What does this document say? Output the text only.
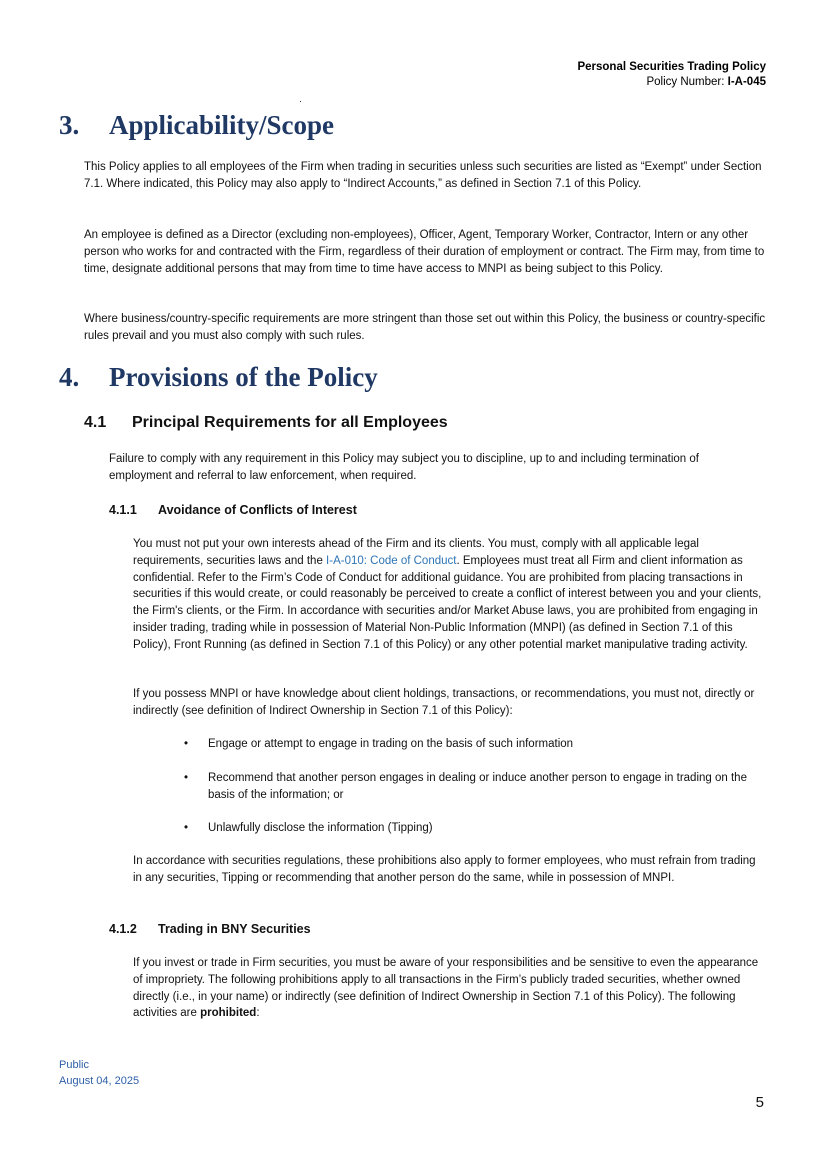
Personal Securities Trading Policy
Policy Number: I-A-045
3. Applicability/Scope

This Policy applies to all employees of the Firm when trading in securities unless such securities are listed as “Exempt” under Section 7.1. Where indicated, this Policy may also apply to “Indirect Accounts,” as defined in Section 7.1 of this Policy.

An employee is defined as a Director (excluding non-employees), Officer, Agent, Temporary Worker, Contractor, Intern or any other person who works for and contracted with the Firm, regardless of their duration of employment or contract. The Firm may, from time to time, designate additional persons that may from time to time have access to MNPI as being subject to this Policy.

Where business/country-specific requirements are more stringent than those set out within this Policy, the business or country-specific rules prevail and you must also comply with such rules.

4. Provisions of the Policy
4.1 Principal Requirements for all Employees

Failure to comply with any requirement in this Policy may subject you to discipline, up to and including termination of employment and referral to law enforcement, when required.

4.1.1 Avoidance of Conflicts of Interest

You must not put your own interests ahead of the Firm and its clients. You must, comply with all applicable legal requirements, securities laws and the I-A-010: Code of Conduct. Employees must treat all Firm and client information as confidential. Refer to the Firm’s Code of Conduct for additional guidance. You are prohibited from placing transactions in securities if this would create, or could reasonably be perceived to create a conflict of interest between you and your clients, the Firm's clients, or the Firm. In accordance with securities and/or Market Abuse laws, you are prohibited from engaging in insider trading, trading while in possession of Material Non-Public Information (MNPI) (as defined in Section 7.1 of this Policy), Front Running (as defined in Section 7.1 of this Policy) or any other potential market manipulative trading activity.

If you possess MNPI or have knowledge about client holdings, transactions, or recommendations, you must not, directly or indirectly (see definition of Indirect Ownership in Section 7.1 of this Policy):

• Engage or attempt to engage in trading on the basis of such information
• Recommend that another person engages in dealing or induce another person to engage in trading on the basis of the information; or
• Unlawfully disclose the information (Tipping)

In accordance with securities regulations, these prohibitions also apply to former employees, who must refrain from trading in any securities, Tipping or recommending that another person do the same, while in possession of MNPI.

4.1.2 Trading in BNY Securities

If you invest or trade in Firm securities, you must be aware of your responsibilities and be sensitive to even the appearance of impropriety. The following prohibitions apply to all transactions in the Firm’s publicly traded securities, whether owned directly (i.e., in your name) or indirectly (see definition of Indirect Ownership in Section 7.1 of this Policy). The following activities are prohibited:

Public
August 04, 2025
5
